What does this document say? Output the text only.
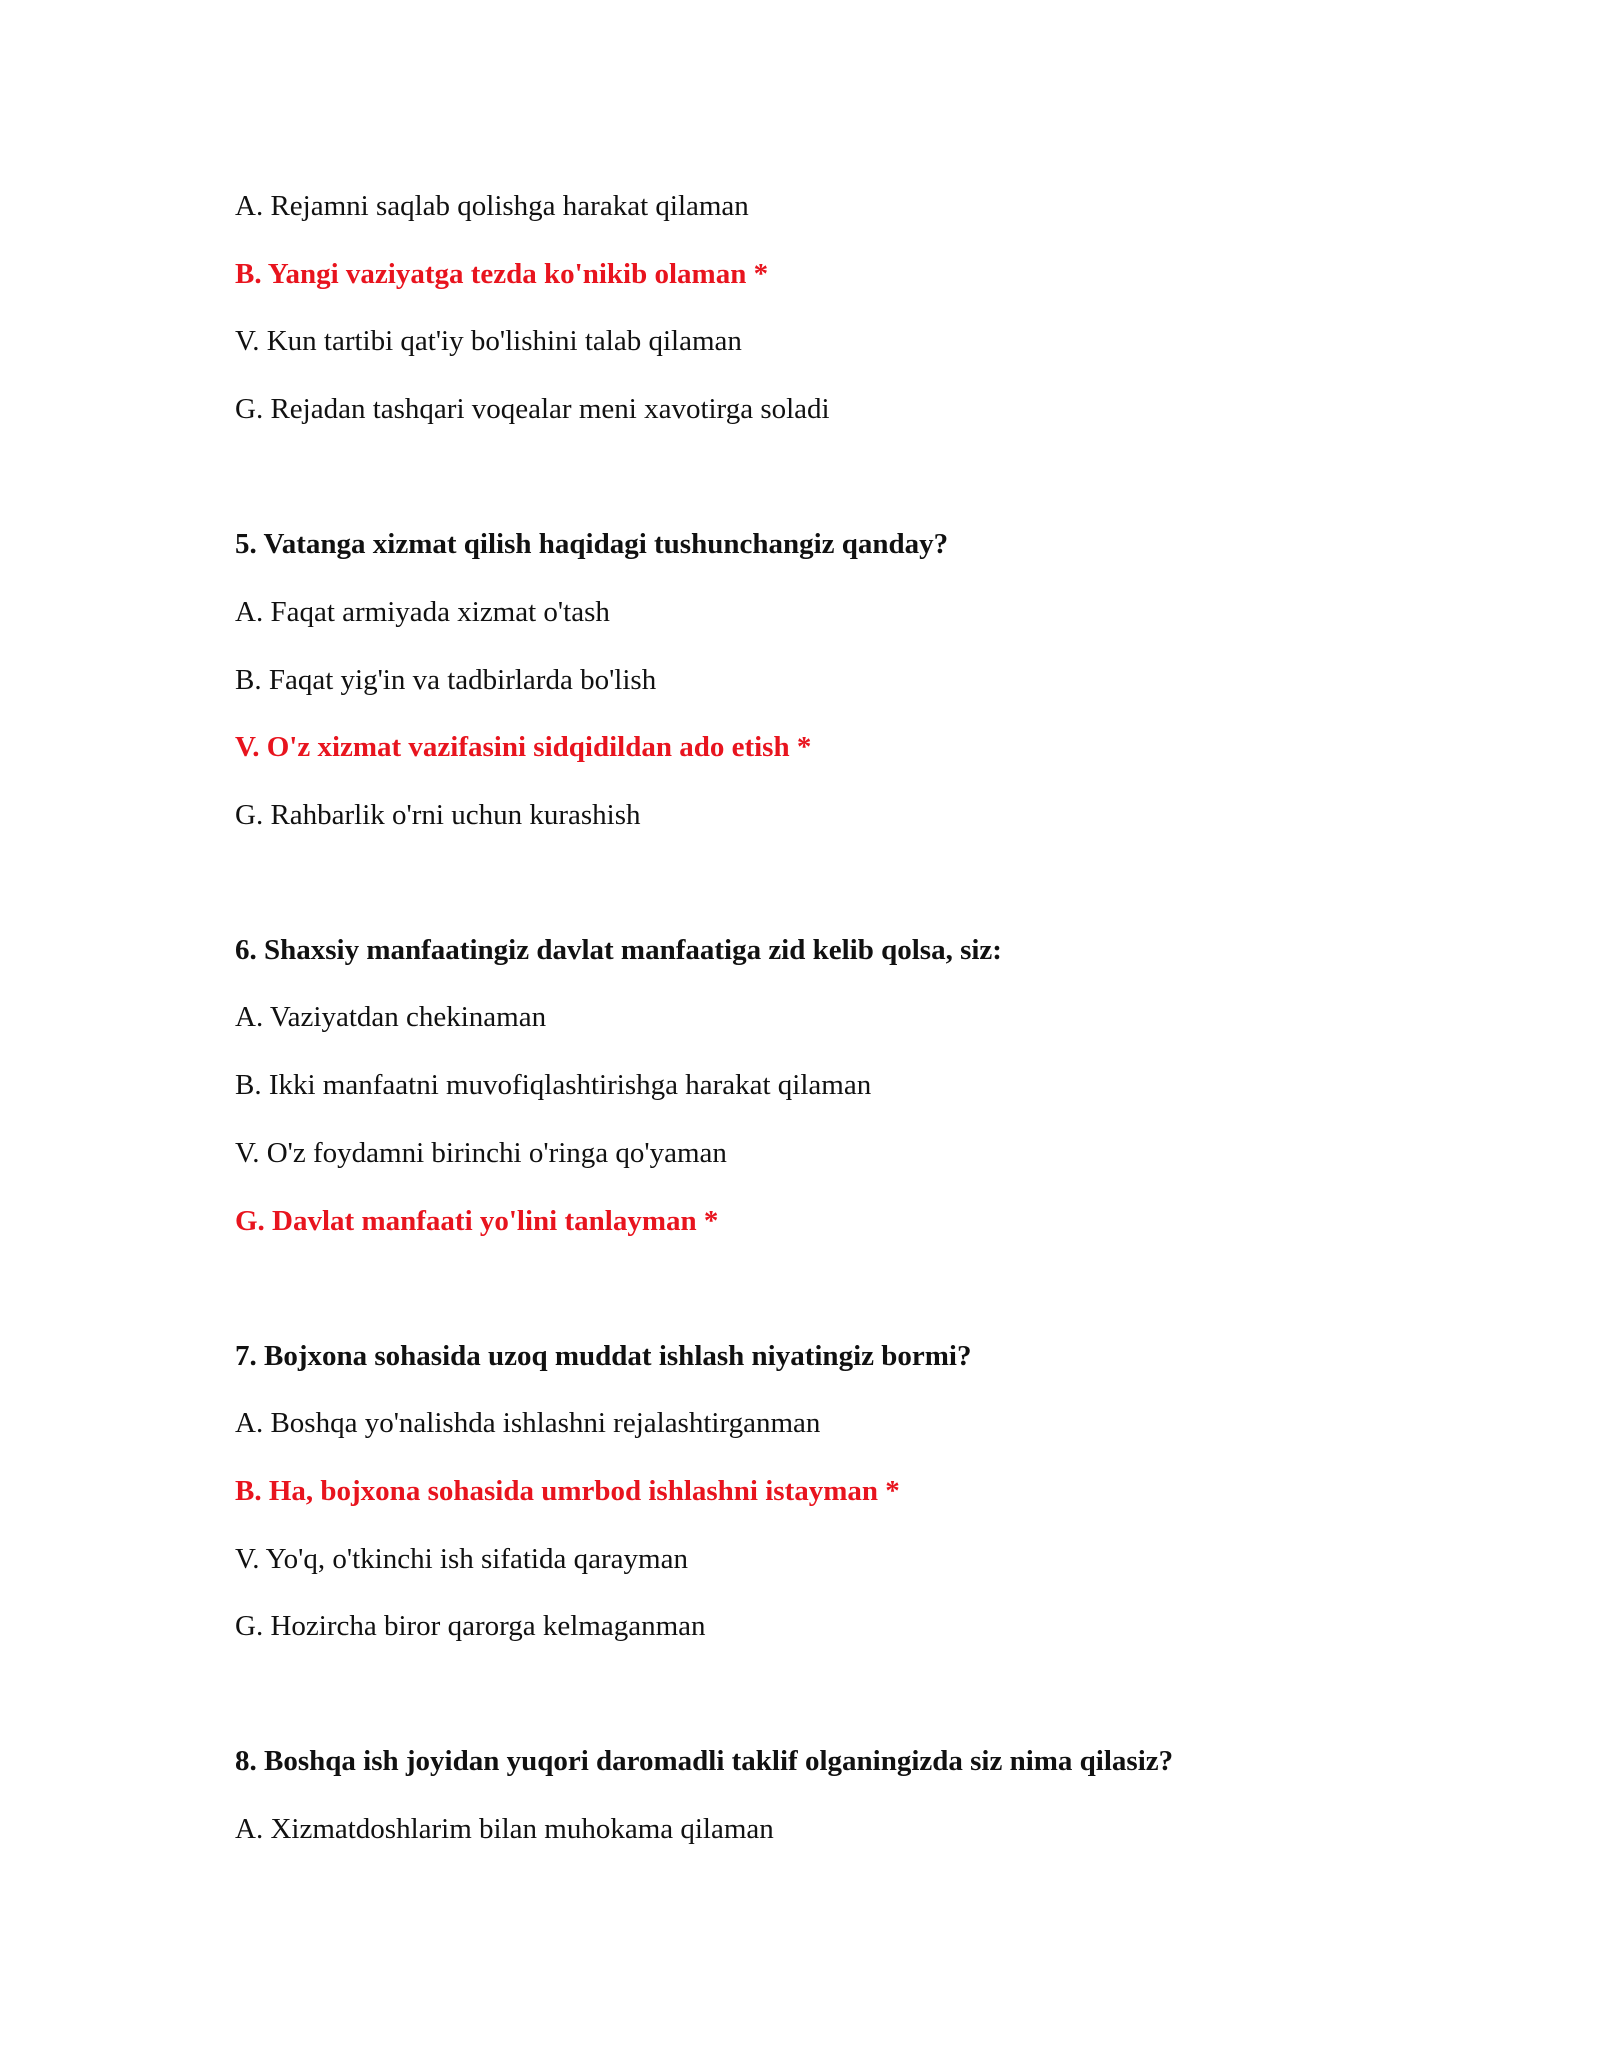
A. Rejamni saqlab qolishga harakat qilaman
B. Yangi vaziyatga tezda ko'nikib olaman *
V. Kun tartibi qat'iy bo'lishini talab qilaman
G. Rejadan tashqari voqealar meni xavotirga soladi
5. Vatanga xizmat qilish haqidagi tushunchangiz qanday?
A. Faqat armiyada xizmat o'tash
B. Faqat yig'in va tadbirlarda bo'lish
V. O'z xizmat vazifasini sidqidildan ado etish *
G. Rahbarlik o'rni uchun kurashish
6. Shaxsiy manfaatingiz davlat manfaatiga zid kelib qolsa, siz:
A. Vaziyatdan chekinaman
B. Ikki manfaatni muvofiqlashtirishga harakat qilaman
V. O'z foydamni birinchi o'ringa qo'yaman
G. Davlat manfaati yo'lini tanlayman *
7. Bojxona sohasida uzoq muddat ishlash niyatingiz bormi?
A. Boshqa yo'nalishda ishlashni rejalashtirganman
B. Ha, bojxona sohasida umrbod ishlashni istayman *
V. Yo'q, o'tkinchi ish sifatida qarayman
G. Hozircha biror qarorga kelmaganman
8. Boshqa ish joyidan yuqori daromadli taklif olganingizda siz nima qilasiz?
A. Xizmatdoshlarim bilan muhokama qilaman
